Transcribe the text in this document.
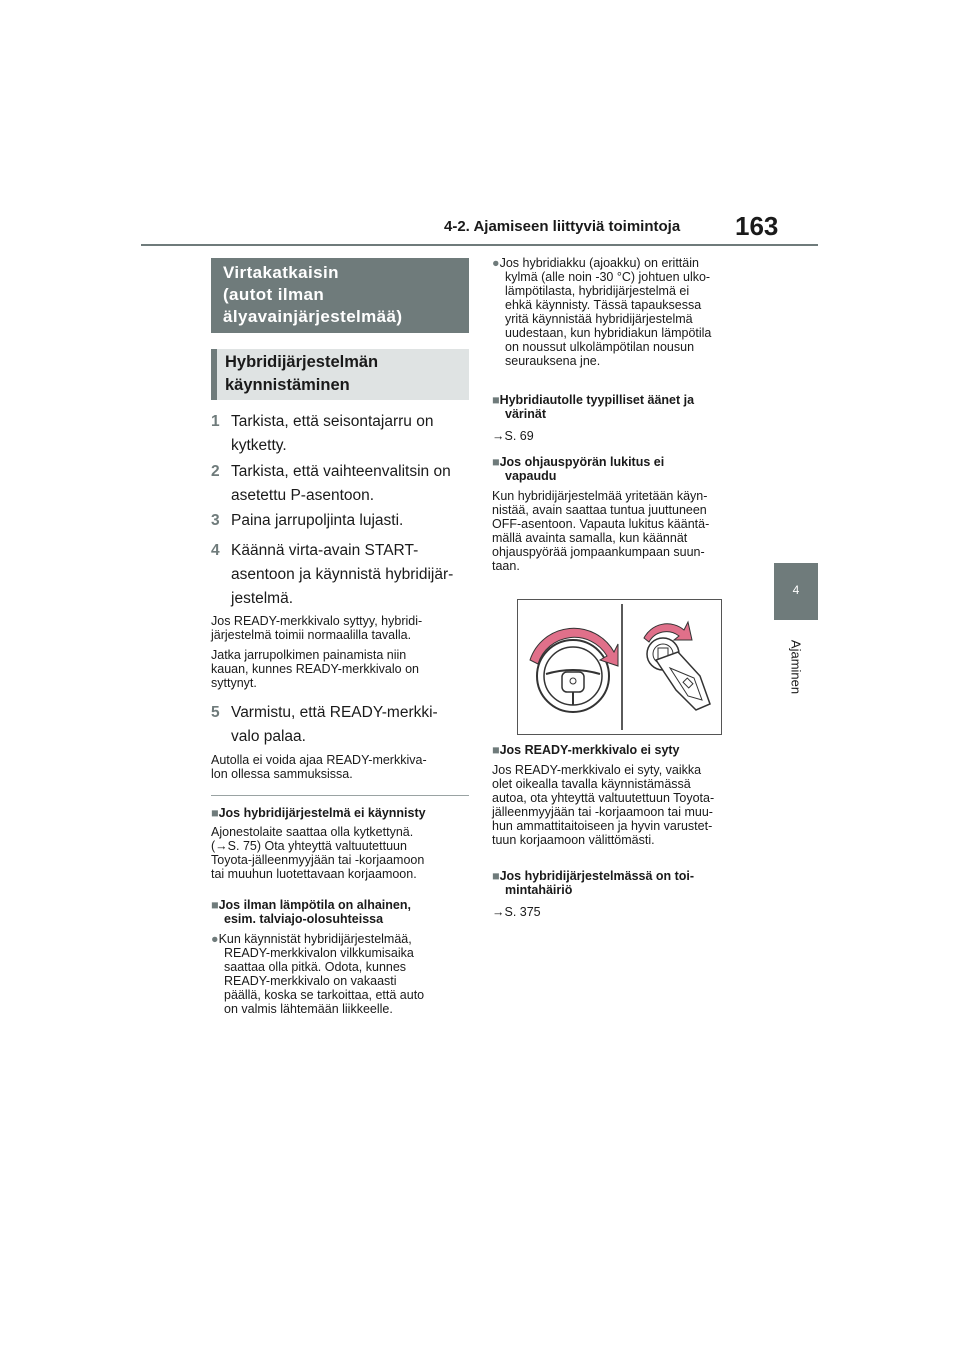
4-2. Ajamiseen liittyviä toimintoja 163
4
Ajaminen
Virtakatkaisin
(autot ilman
älyavainjärjestelmää)
Hybridijärjestelmän
käynnistäminen
1 Tarkista, että seisontajarru on
kytketty.
2 Tarkista, että vaihteenvalitsin on
asetettu P-asentoon.
3 Paina jarrupoljinta lujasti.
4 Käännä virta-avain START-
asentoon ja käynnistä hybridijär-
jestelmä.
Jos READY-merkkivalo syttyy, hybridi-
järjestelmä toimii normaalilla tavalla.
Jatka jarrupolkimen painamista niin
kauan, kunnes READY-merkkivalo on
syttynyt.
5 Varmistu, että READY-merkki-
valo palaa.
Autolla ei voida ajaa READY-merkkiva-
lon ollessa sammuksissa.
■Jos hybridijärjestelmä ei käynnisty
Ajonestolaite saattaa olla kytkettynä.
(→S. 75) Ota yhteyttä valtuutettuun
Toyota-jälleenmyyjään tai -korjaamoon
tai muuhun luotettavaan korjaamoon.
■Jos ilman lämpötila on alhainen,
esim. talviajo-olosuhteissa
●Kun käynnistät hybridijärjestelmää,
READY-merkkivalon vilkkumisaika
saattaa olla pitkä. Odota, kunnes
READY-merkkivalo on vakaasti
päällä, koska se tarkoittaa, että auto
on valmis lähtemään liikkeelle.
●Jos hybridiakku (ajoakku) on erittäin
kylmä (alle noin -30 °C) johtuen ulko-
lämpötilasta, hybridijärjestelmä ei
ehkä käynnisty. Tässä tapauksessa
yritä käynnistää hybridijärjestelmä
uudestaan, kun hybridiakun lämpötila
on noussut ulkolämpötilan nousun
seurauksena jne.
■Hybridiautolle tyypilliset äänet ja
värinät
→S. 69
■Jos ohjauspyörän lukitus ei
vapaudu
Kun hybridijärjestelmää yritetään käyn-
nistää, avain saattaa tuntua juuttuneen
OFF-asentoon. Vapauta lukitus kääntä-
mällä avainta samalla, kun käännät
ohjauspyörää jompaankumpaan suun-
taan.
■Jos READY-merkkivalo ei syty
Jos READY-merkkivalo ei syty, vaikka
olet oikealla tavalla käynnistämässä
autoa, ota yhteyttä valtuutettuun Toyota-
jälleenmyyjään tai -korjaamoon tai muu-
hun ammattitaitoiseen ja hyvin varustet-
tuun korjaamoon välittömästi.
■Jos hybridijärjestelmässä on toi-
mintahäiriö
→S. 375
